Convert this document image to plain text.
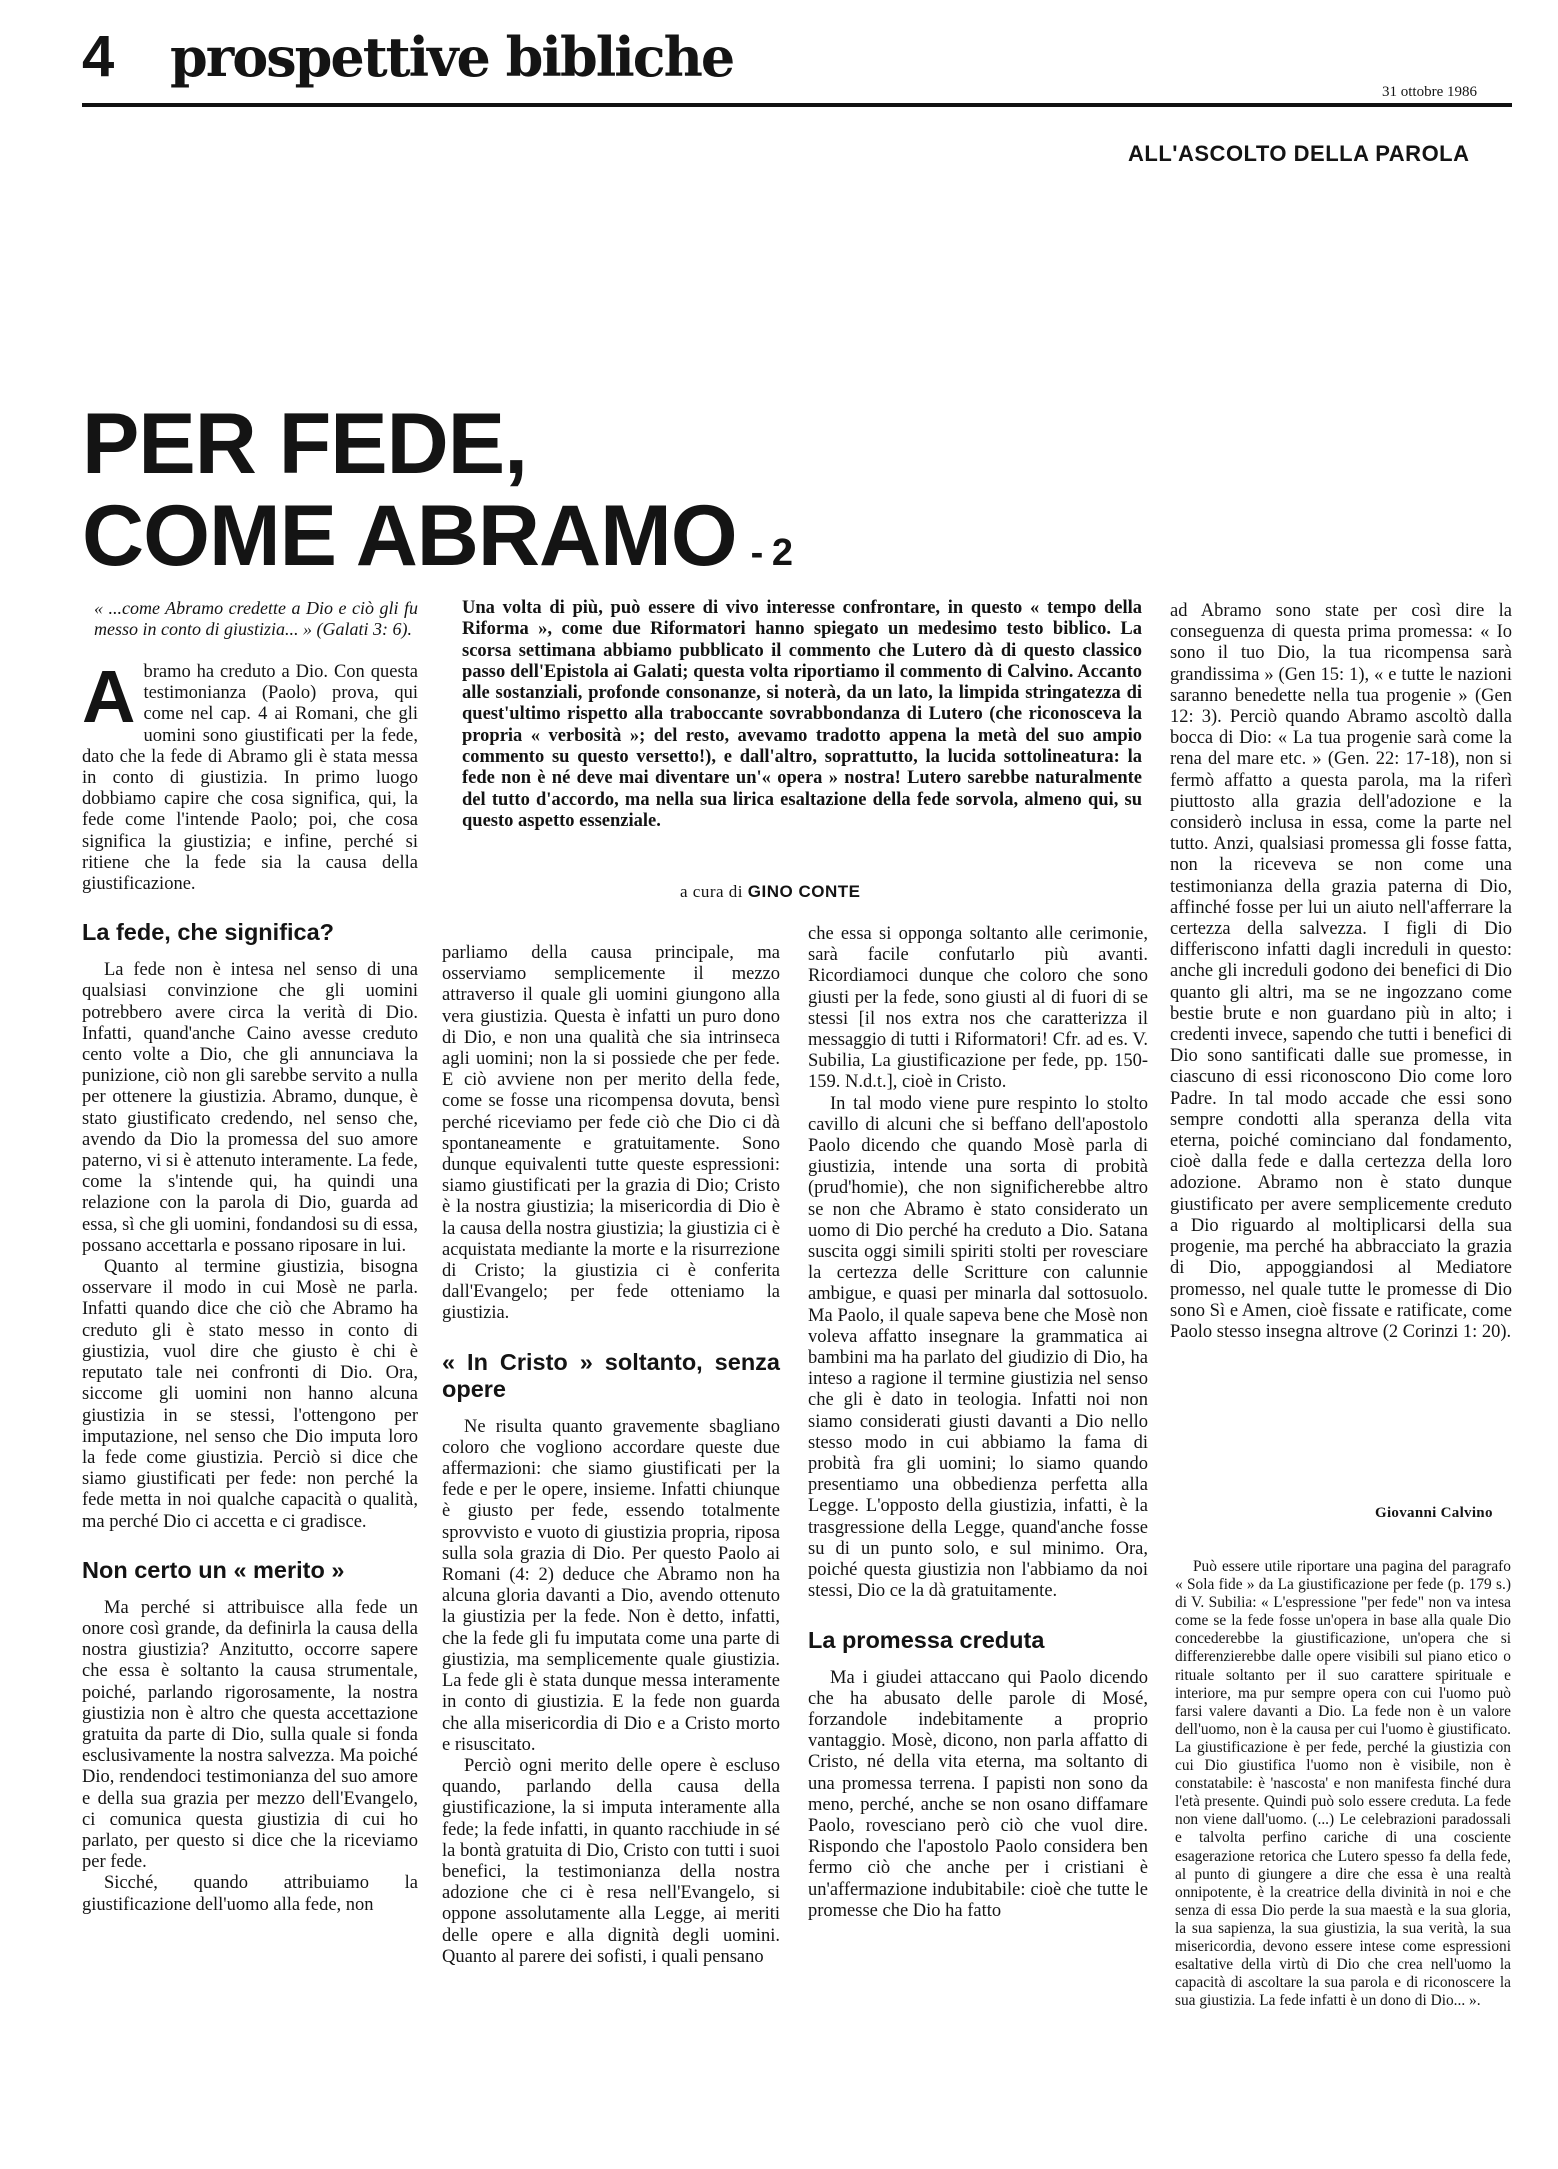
4 prospettive bibliche
31 ottobre 1986
ALL'ASCOLTO DELLA PAROLA
PER FEDE,
COME ABRAMO - 2

Una volta di più, può essere di vivo interesse confrontare, in questo « tempo della Riforma », come due Riformatori hanno spiegato un medesimo testo biblico. La scorsa settimana abbiamo pubblicato il commento che Lutero dà di questo classico passo dell'Epistola ai Galati; questa volta riportiamo il commento di Calvino. Accanto alle sostanziali, profonde consonanze, si noterà, da un lato, la limpida stringatezza di quest'ultimo rispetto alla traboccante sovrabbondanza di Lutero (che riconosceva la propria « verbosità »; del resto, avevamo tradotto appena la metà del suo ampio commento su questo versetto!), e dall'altro, soprattutto, la lucida sottolineatura: la fede non è né deve mai diventare un'« opera » nostra! Lutero sarebbe naturalmente del tutto d'accordo, ma nella sua lirica esaltazione della fede sorvola, almeno qui, su questo aspetto essenziale.

a cura di GINO CONTE

« ...come Abramo credette a Dio e ciò gli fu messo in conto di giustizia... » (Galati 3: 6).

Abramo ha creduto a Dio. Con questa testimonianza (Paolo) prova, qui come nel cap. 4 ai Romani, che gli uomini sono giustificati per la fede, dato che la fede di Abramo gli è stata messa in conto di giustizia. In primo luogo dobbiamo capire che cosa significa, qui, la fede come l'intende Paolo; poi, che cosa significa la giustizia; e infine, perché si ritiene che la fede sia la causa della giustificazione.

La fede, che significa?

La fede non è intesa nel senso di una qualsiasi convinzione che gli uomini potrebbero avere circa la verità di Dio. Infatti, quand'anche Caino avesse creduto cento volte a Dio, che gli annunciava la punizione, ciò non gli sarebbe servito a nulla per ottenere la giustizia. Abramo, dunque, è stato giustificato credendo, nel senso che, avendo da Dio la promessa del suo amore paterno, vi si è attenuto interamente. La fede, come la s'intende qui, ha quindi una relazione con la parola di Dio, guarda ad essa, sì che gli uomini, fondandosi su di essa, possano accettarla e possano riposare in lui.

Quanto al termine giustizia, bisogna osservare il modo in cui Mosè ne parla. Infatti quando dice che ciò che Abramo ha creduto gli è stato messo in conto di giustizia, vuol dire che giusto è chi è reputato tale nei confronti di Dio. Ora, siccome gli uomini non hanno alcuna giustizia in se stessi, l'ottengono per imputazione, nel senso che Dio imputa loro la fede come giustizia. Perciò si dice che siamo giustificati per fede: non perché la fede metta in noi qualche capacità o qualità, ma perché Dio ci accetta e ci gradisce.

Non certo un « merito »

Ma perché si attribuisce alla fede un onore così grande, da definirla la causa della nostra giustizia? Anzitutto, occorre sapere che essa è soltanto la causa strumentale, poiché, parlando rigorosamente, la nostra giustizia non è altro che questa accettazione gratuita da parte di Dio, sulla quale si fonda esclusivamente la nostra salvezza. Ma poiché Dio, rendendoci testimonianza del suo amore e della sua grazia per mezzo dell'Evangelo, ci comunica questa giustizia di cui ho parlato, per questo si dice che la riceviamo per fede.

Sicché, quando attribuiamo la giustificazione dell'uomo alla fede, non

parliamo della causa principale, ma osserviamo semplicemente il mezzo attraverso il quale gli uomini giungono alla vera giustizia. Questa è infatti un puro dono di Dio, e non una qualità che sia intrinseca agli uomini; non la si possiede che per fede. E ciò avviene non per merito della fede, come se fosse una ricompensa dovuta, bensì perché riceviamo per fede ciò che Dio ci dà spontaneamente e gratuitamente. Sono dunque equivalenti tutte queste espressioni: siamo giustificati per la grazia di Dio; Cristo è la nostra giustizia; la misericordia di Dio è la causa della nostra giustizia; la giustizia ci è acquistata mediante la morte e la risurrezione di Cristo; la giustizia ci è conferita dall'Evangelo; per fede otteniamo la giustizia.

« In Cristo » soltanto, senza opere

Ne risulta quanto gravemente sbagliano coloro che vogliono accordare queste due affermazioni: che siamo giustificati per la fede e per le opere, insieme. Infatti chiunque è giusto per fede, essendo totalmente sprovvisto e vuoto di giustizia propria, riposa sulla sola grazia di Dio. Per questo Paolo ai Romani (4: 2) deduce che Abramo non ha alcuna gloria davanti a Dio, avendo ottenuto la giustizia per la fede. Non è detto, infatti, che la fede gli fu imputata come una parte di giustizia, ma semplicemente quale giustizia. La fede gli è stata dunque messa interamente in conto di giustizia. E la fede non guarda che alla misericordia di Dio e a Cristo morto e risuscitato.

Perciò ogni merito delle opere è escluso quando, parlando della causa della giustificazione, la si imputa interamente alla fede; la fede infatti, in quanto racchiude in sé la bontà gratuita di Dio, Cristo con tutti i suoi benefici, la testimonianza della nostra adozione che ci è resa nell'Evangelo, si oppone assolutamente alla Legge, ai meriti delle opere e alla dignità degli uomini. Quanto al parere dei sofisti, i quali pensano

che essa si opponga soltanto alle cerimonie, sarà facile confutarlo più avanti. Ricordiamoci dunque che coloro che sono giusti per la fede, sono giusti al di fuori di se stessi [il nos extra nos che caratterizza il messaggio di tutti i Riformatori! Cfr. ad es. V. Subilia, La giustificazione per fede, pp. 150-159. N.d.t.], cioè in Cristo.

In tal modo viene pure respinto lo stolto cavillo di alcuni che si beffano dell'apostolo Paolo dicendo che quando Mosè parla di giustizia, intende una sorta di probità (prud'homie), che non significherebbe altro se non che Abramo è stato considerato un uomo di Dio perché ha creduto a Dio. Satana suscita oggi simili spiriti stolti per rovesciare la certezza delle Scritture con calunnie ambigue, e quasi per minarla dal sottosuolo. Ma Paolo, il quale sapeva bene che Mosè non voleva affatto insegnare la grammatica ai bambini ma ha parlato del giudizio di Dio, ha inteso a ragione il termine giustizia nel senso che gli è dato in teologia. Infatti noi non siamo considerati giusti davanti a Dio nello stesso modo in cui abbiamo la fama di probità fra gli uomini; lo siamo quando presentiamo una obbedienza perfetta alla Legge. L'opposto della giustizia, infatti, è la trasgressione della Legge, quand'anche fosse su di un punto solo, e sul minimo. Ora, poiché questa giustizia non l'abbiamo da noi stessi, Dio ce la dà gratuitamente.

La promessa creduta

Ma i giudei attaccano qui Paolo dicendo che ha abusato delle parole di Mosé, forzandole indebitamente a proprio vantaggio. Mosè, dicono, non parla affatto di Cristo, né della vita eterna, ma soltanto di una promessa terrena. I papisti non sono da meno, perché, anche se non osano diffamare Paolo, rovesciano però ciò che vuol dire. Rispondo che l'apostolo Paolo considera ben fermo ciò che anche per i cristiani è un'affermazione indubitabile: cioè che tutte le promesse che Dio ha fatto

ad Abramo sono state per così dire la conseguenza di questa prima promessa: « Io sono il tuo Dio, la tua ricompensa sarà grandissima » (Gen 15: 1), « e tutte le nazioni saranno benedette nella tua progenie » (Gen 12: 3). Perciò quando Abramo ascoltò dalla bocca di Dio: « La tua progenie sarà come la rena del mare etc. » (Gen. 22: 17-18), non si fermò affatto a questa parola, ma la riferì piuttosto alla grazia dell'adozione e la considerò inclusa in essa, come la parte nel tutto. Anzi, qualsiasi promessa gli fosse fatta, non la riceveva se non come una testimonianza della grazia paterna di Dio, affinché fosse per lui un aiuto nell'afferrare la certezza della salvezza. I figli di Dio differiscono infatti dagli increduli in questo: anche gli increduli godono dei benefici di Dio quanto gli altri, ma se ne ingozzano come bestie brute e non guardano più in alto; i credenti invece, sapendo che tutti i benefici di Dio sono santificati dalle sue promesse, in ciascuno di essi riconoscono Dio come loro Padre. In tal modo accade che essi sono sempre condotti alla speranza della vita eterna, poiché cominciano dal fondamento, cioè dalla fede e dalla certezza della loro adozione. Abramo non è stato dunque giustificato per avere semplicemente creduto a Dio riguardo al moltiplicarsi della sua progenie, ma perché ha abbracciato la grazia di Dio, appoggiandosi al Mediatore promesso, nel quale tutte le promesse di Dio sono Sì e Amen, cioè fissate e ratificate, come Paolo stesso insegna altrove (2 Corinzi 1: 20).

Giovanni Calvino

Può essere utile riportare una pagina del paragrafo « Sola fide » da La giustificazione per fede (p. 179 s.) di V. Subilia: « L'espressione "per fede" non va intesa come se la fede fosse un'opera in base alla quale Dio concederebbe la giustificazione, un'opera che si differenzierebbe dalle opere visibili sul piano etico o rituale soltanto per il suo carattere spirituale e interiore, ma pur sempre opera con cui l'uomo può farsi valere davanti a Dio. La fede non è un valore dell'uomo, non è la causa per cui l'uomo è giustificato. La giustificazione è per fede, perché la giustizia con cui Dio giustifica l'uomo non è visibile, non è constatabile: è 'nascosta' e non manifesta finché dura l'età presente. Quindi può solo essere creduta. La fede non viene dall'uomo. (...) Le celebrazioni paradossali e talvolta perfino cariche di una cosciente esagerazione retorica che Lutero spesso fa della fede, al punto di giungere a dire che essa è una realtà onnipotente, è la creatrice della divinità in noi e che senza di essa Dio perde la sua maestà e la sua gloria, la sua sapienza, la sua giustizia, la sua verità, la sua misericordia, devono essere intese come espressioni esaltative della virtù di Dio che crea nell'uomo la capacità di ascoltare la sua parola e di riconoscere la sua giustizia. La fede infatti è un dono di Dio... ».
